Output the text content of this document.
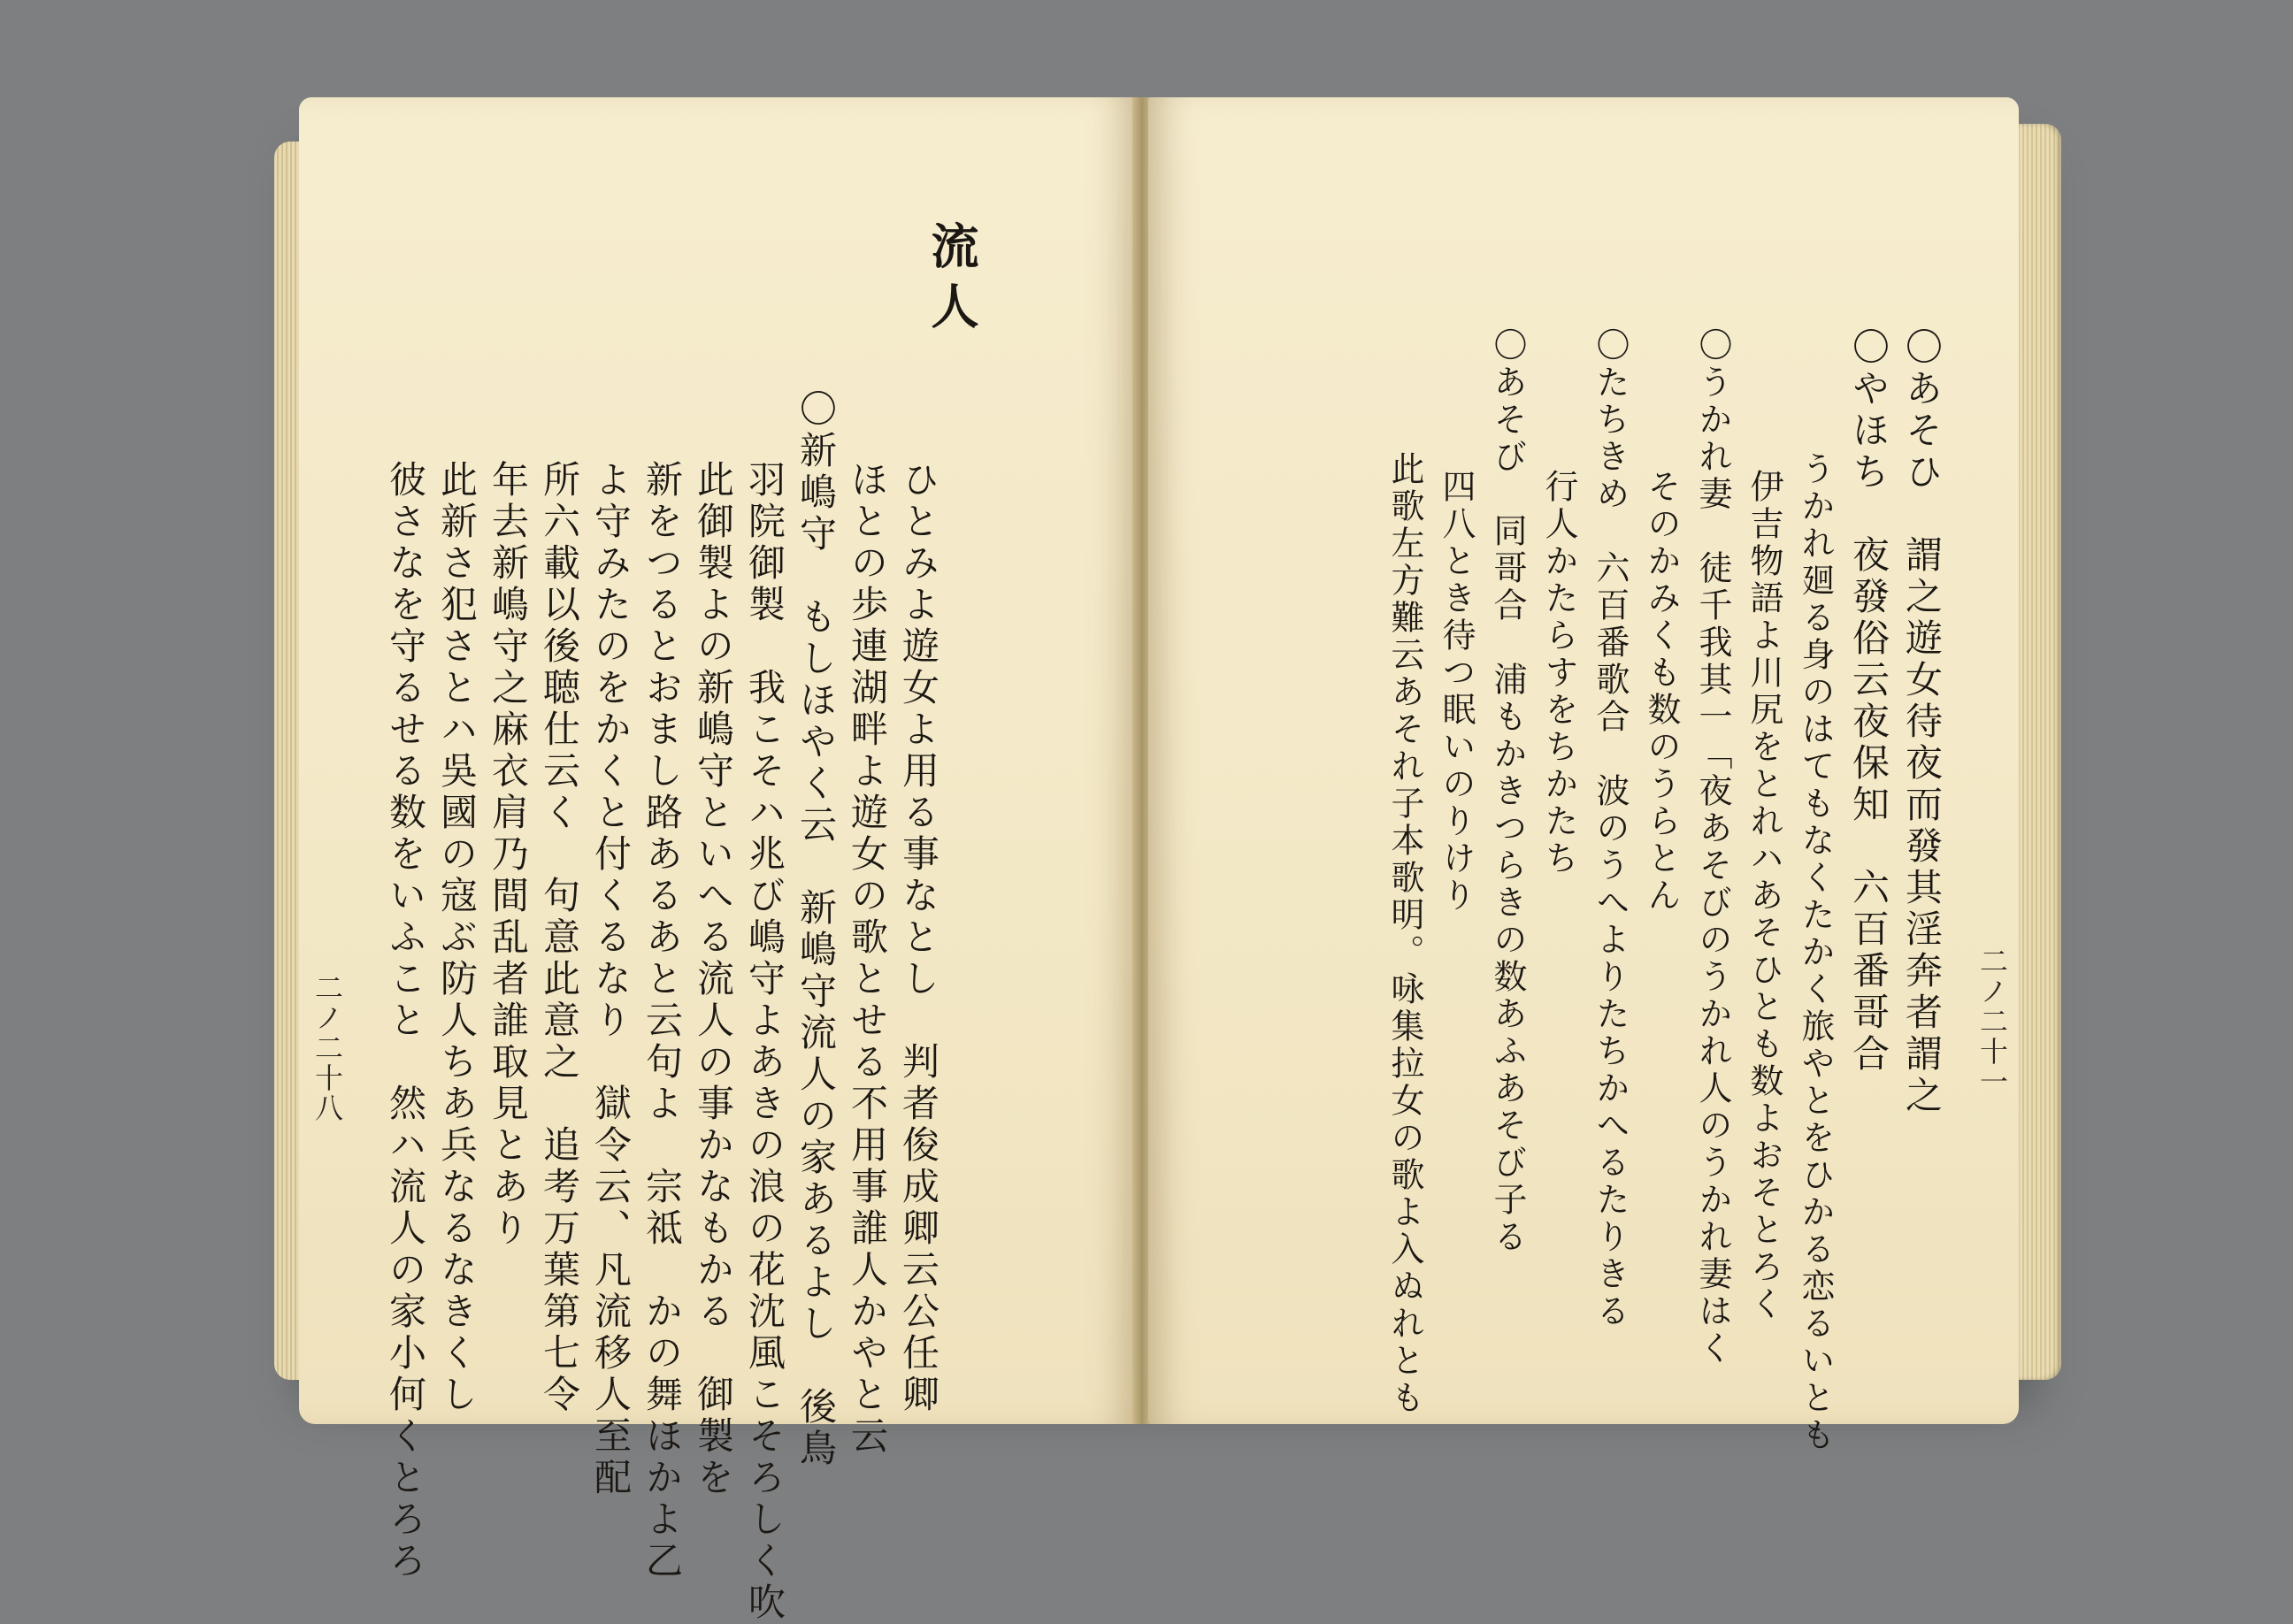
流人
ひとみよ遊女よ用る事なとし　判者俊成卿云公任卿
ほとの歩連湖畔よ遊女の歌とせる不用事誰人かやと云
〇新嶋守　もしほやく云　新嶋守流人の家あるよし　後鳥
羽院御製　我こそハ兆び嶋守よあきの浪の花沈風こそろしく吹
此御製よの新嶋守といへる流人の事かなもかる　御製を
新をつるとおまし路あるあと云句よ　宗祗　かの舞ほかよ乙
よ守みたのをかくと付くるなり　獄令云、凡流移人至配
所六載以後聴仕云く　句意此意之　追考万葉第七令
年去新嶋守之麻衣肩乃間乱者誰取見とあり
此新さ犯さとハ吳國の寇ぶ防人ちあ兵なるなきくし
彼さなを守るせる数をいふこと　然ハ流人の家小何くとろろ
二ノ二十八	〇あそひ　謂之遊女待夜而發其淫奔者謂之
〇やほち　夜發俗云夜保知　六百番哥合
うかれ廻る身のはてもなくたかく旅やとをひかる恋るいとも
伊吉物語よ川尻をとれハあそひとも数よおそとろく
〇うかれ妻　徒千我其一「夜あそびのうかれ人のうかれ妻はく
そのかみくも数のうらとん
〇たちきめ　六百番歌合　波のうへよりたちかへるたりきる
行人かたらすをちかたち
〇あそび　同哥合　浦もかきつらきの数あふあそび子る
四八とき待つ眠いのりけり
此歌左方難云あそれ子本歌明。咏集拉女の歌よ入ぬれとも	二ノ二十一
